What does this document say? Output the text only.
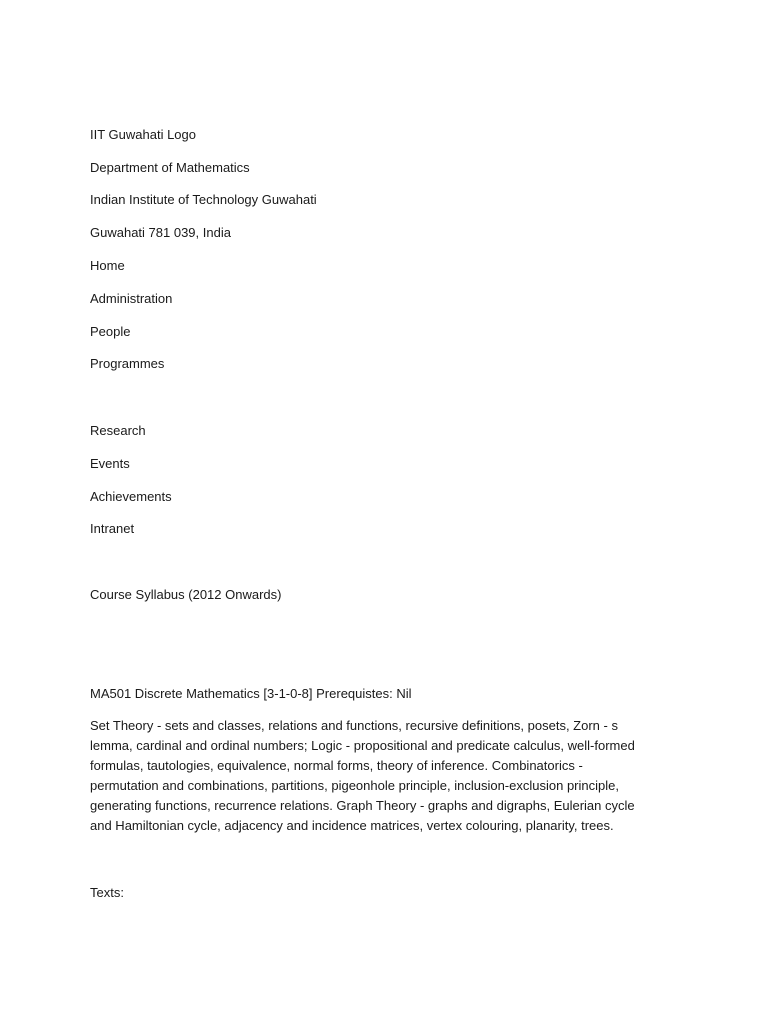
IIT Guwahati Logo
Department of Mathematics
Indian Institute of Technology Guwahati
Guwahati 781 039, India
Home
Administration
People
Programmes
Research
Events
Achievements
Intranet
Course Syllabus (2012 Onwards)
MA501 Discrete Mathematics [3-1-0-8] Prerequistes: Nil
Set Theory - sets and classes, relations and functions, recursive definitions, posets, Zorn - s lemma, cardinal and ordinal numbers; Logic - propositional and predicate calculus, well-formed formulas, tautologies, equivalence, normal forms, theory of inference. Combinatorics - permutation and combinations, partitions, pigeonhole principle, inclusion-exclusion principle, generating functions, recurrence relations. Graph Theory - graphs and digraphs, Eulerian cycle and Hamiltonian cycle, adjacency and incidence matrices, vertex colouring, planarity, trees.
Texts:
